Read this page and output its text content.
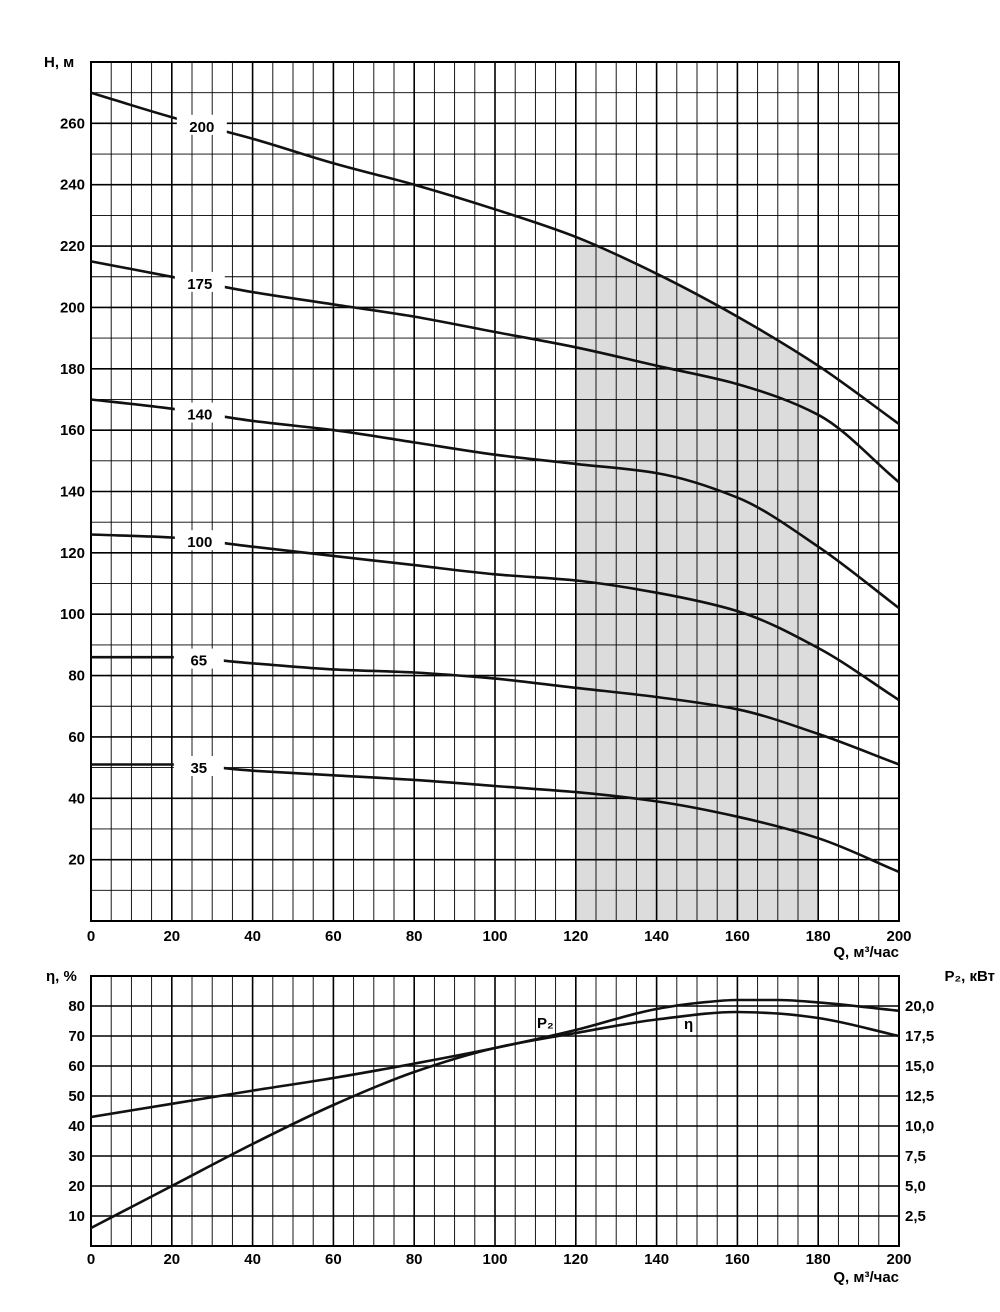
200
175
140
100
65
35
0	20	40	60	80	100	120	140	160	180	200
20
40
60
80
100
120
140
160
180
200
220
240
260
H, м
Q, м³/час
P₂	η
0	20	40	60	80	100	120	140	160	180	200
10
20
30
40
50
60
70
80
2,5
5,0
7,5
10,0
12,5
15,0
17,5
20,0
η, %	P₂, кВт
Q, м³/час
